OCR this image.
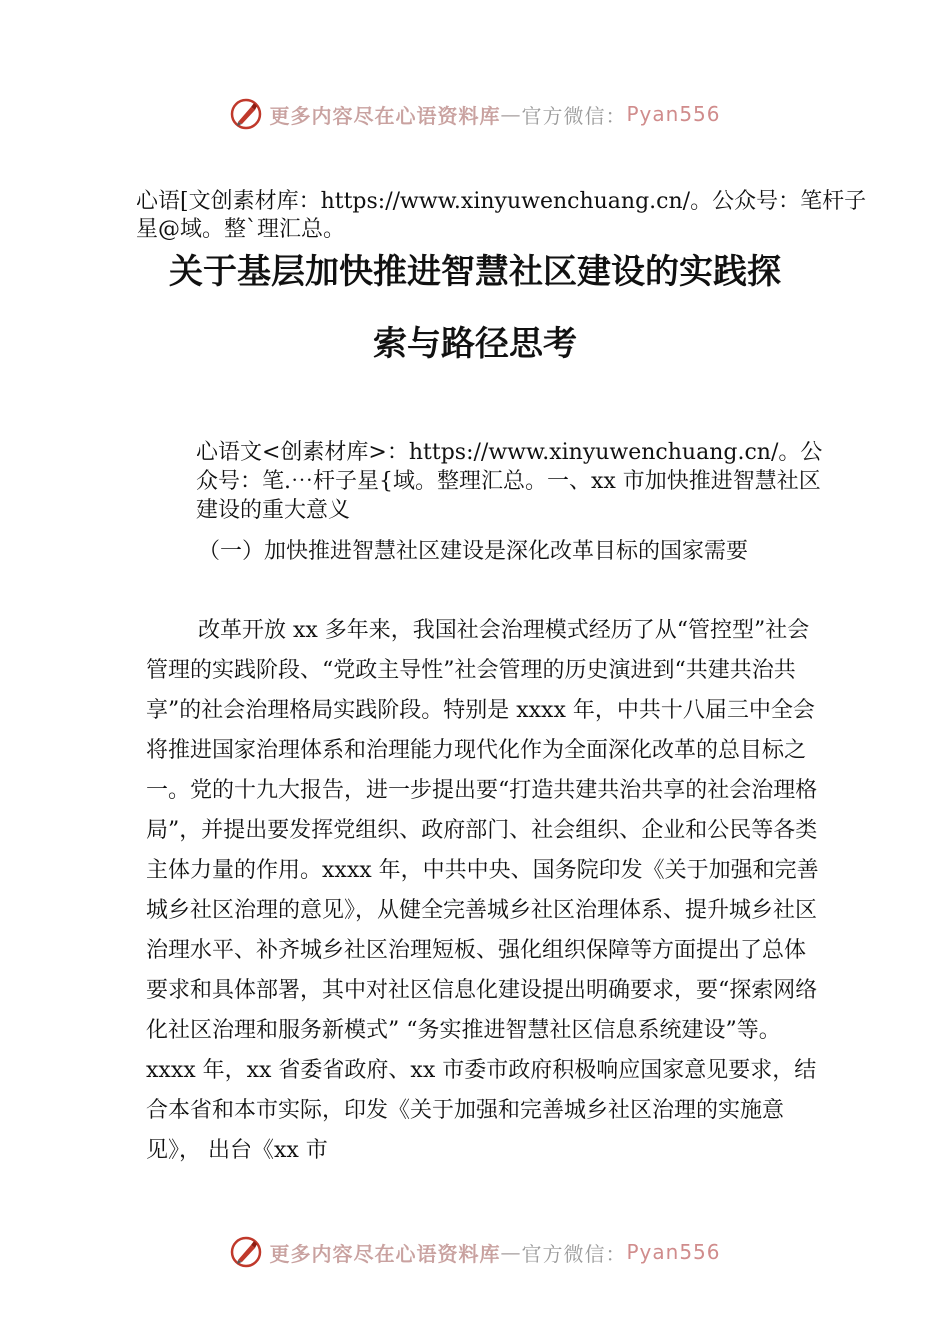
更多内容尽在心语资料库 — 官方微信： Pyan556
心语[文创素材库：https://www.xinyuwenchuang.cn/。公众号：笔杆子星@域。整`理汇总。
关于基层加快推进智慧社区建设的实践探
索与路径思考
心语文<创素材库>：https://www.xinyuwenchuang.cn/。公众号：笔.⋯杆子星{域。整理汇总。一、xx 市加快推进智慧社区建设的重大意义

（一）加快推进智慧社区建设是深化改革目标的国家需要

改革开放 xx 多年来，我国社会治理模式经历了从“管控型”社会管理的实践阶段、“党政主导性”社会管理的历史演进到“共建共治共享”的社会治理格局实践阶段。特别是 xxxx 年，中共十八届三中全会将推进国家治理体系和治理能力现代化作为全面深化改革的总目标之一。党的十九大报告，进一步提出要“打造共建共治共享的社会治理格局”，并提出要发挥党组织、政府部门、社会组织、企业和公民等各类主体力量的作用。xxxx 年，中共中央、国务院印发《关于加强和完善城乡社区治理的意见》，从健全完善城乡社区治理体系、提升城乡社区治理水平、补齐城乡社区治理短板、强化组织保障等方面提出了总体要求和具体部署，其中对社区信息化建设提出明确要求，要“探索网络化社区治理和服务新模式” “务实推进智慧社区信息系统建设”等。xxxx 年，xx 省委省政府、xx 市委市政府积极响应国家意见要求，结合本省和本市实际，印发《关于加强和完善城乡社区治理的实施意见》， 出台《xx 市

更多内容尽在心语资料库 — 官方微信： Pyan556
